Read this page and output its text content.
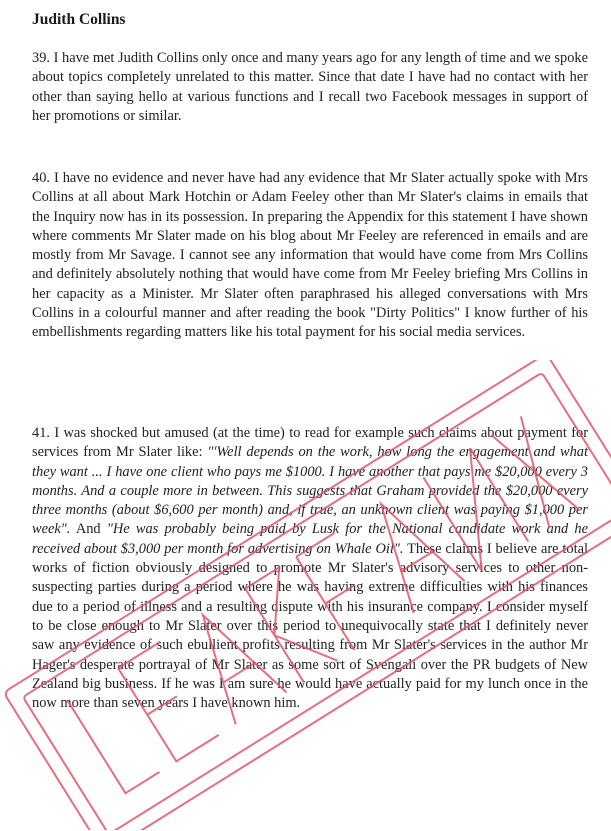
Judith Collins

39. I have met Judith Collins only once and many years ago for any length of time and we spoke about topics completely unrelated to this matter. Since that date I have had no contact with her other than saying hello at various functions and I recall two Facebook messages in support of her promotions or similar.

40. I have no evidence and never have had any evidence that Mr Slater actually spoke with Mrs Collins at all about Mark Hotchin or Adam Feeley other than Mr Slater's claims in emails that the Inquiry now has in its possession. In preparing the Appendix for this statement I have shown where comments Mr Slater made on his blog about Mr Feeley are referenced in emails and are mostly from Mr Savage. I cannot see any information that would have come from Mrs Collins and definitely absolutely nothing that would have come from Mr Feeley briefing Mrs Collins in her capacity as a Minister. Mr Slater often paraphrased his alleged conversations with Mrs Collins in a colourful manner and after reading the book "Dirty Politics" I know further of his embellishments regarding matters like his total payment for his social media services.

41. I was shocked but amused (at the time) to read for example such claims about payment for services from Mr Slater like: "'Well depends on the work, how long the engagement and what they want ... I have one client who pays me $1000. I have another that pays me $20,000 every 3 months. And a couple more in between. This suggests that Graham provided the $20,000 every three months (about $6,600 per month) and, if true, an unknown client was paying $1,000 per week". And "He was probably being paid by Lusk for the National candidate work and he received about $3,000 per month for advertising on Whale Oil". These claims I believe are total works of fiction obviously designed to promote Mr Slater's advisory services to other non-suspecting parties during a period where he was having extreme difficulties with his finances due to a period of illness and a resulting dispute with his insurance company. I consider myself to be close enough to Mr Slater over this period to unequivocally state that I definitely never saw any evidence of such ebullient profits resulting from Mr Slater's services in the author Mr Hager's desperate portrayal of Mr Slater as some sort of Svengali over the PR budgets of New Zealand big business. If he was I am sure he would have actually paid for my lunch once in the now more than seven years I have known him.
